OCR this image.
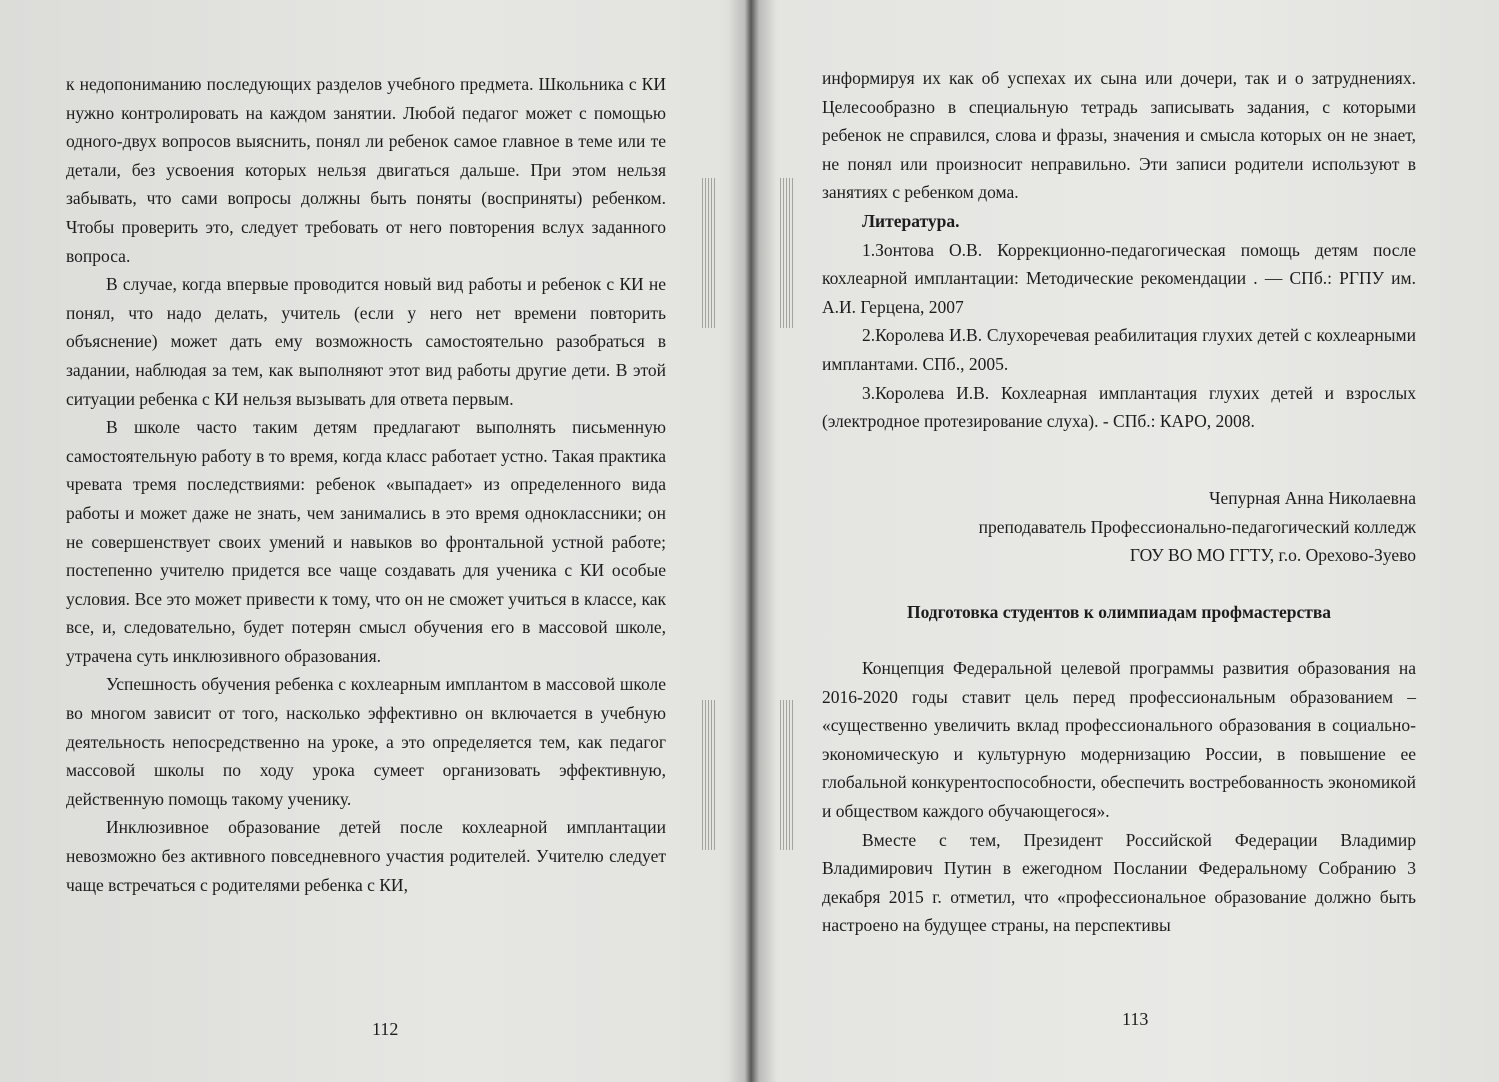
к недопониманию последующих разделов учебного предмета. Школьника с КИ нужно контролировать на каждом занятии. Любой педагог может с помощью одного-двух вопросов выяснить, понял ли ребенок самое главное в теме или те детали, без усвоения которых нельзя двигаться дальше. При этом нельзя забывать, что сами вопросы должны быть поняты (восприняты) ребенком. Чтобы проверить это, следует требовать от него повторения вслух заданного вопроса.

В случае, когда впервые проводится новый вид работы и ребенок с КИ не понял, что надо делать, учитель (если у него нет времени повторить объяснение) может дать ему возможность самостоятельно разобраться в задании, наблюдая за тем, как выполняют этот вид работы другие дети. В этой ситуации ребенка с КИ нельзя вызывать для ответа первым.

В школе часто таким детям предлагают выполнять письменную самостоятельную работу в то время, когда класс работает устно. Такая практика чревата тремя последствиями: ребенок «выпадает» из определенного вида работы и может даже не знать, чем занимались в это время одноклассники; он не совершенствует своих умений и навыков во фронтальной устной работе; постепенно учителю придется все чаще создавать для ученика с КИ особые условия. Все это может привести к тому, что он не сможет учиться в классе, как все, и, следовательно, будет потерян смысл обучения его в массовой школе, утрачена суть инклюзивного образования.

Успешность обучения ребенка с кохлеарным имплантом в массовой школе во многом зависит от того, насколько эффективно он включается в учебную деятельность непосредственно на уроке, а это определяется тем, как педагог массовой школы по ходу урока сумеет организовать эффективную, действенную помощь такому ученику.

Инклюзивное образование детей после кохлеарной имплантации невозможно без активного повседневного участия родителей. Учителю следует чаще встречаться с родителями ребенка с КИ,

112

информируя их как об успехах их сына или дочери, так и о затруднениях. Целесообразно в специальную тетрадь записывать задания, с которыми ребенок не справился, слова и фразы, значения и смысла которых он не знает, не понял или произносит неправильно. Эти записи родители используют в занятиях с ребенком дома.

Литература.

1.Зонтова О.В. Коррекционно-педагогическая помощь детям после кохлеарной имплантации: Методические рекомендации . — СПб.: РГПУ им. А.И. Герцена, 2007

2.Королева И.В. Слухоречевая реабилитация глухих детей с кохлеарными имплантами. СПб., 2005.

3.Королева И.В. Кохлеарная имплантация глухих детей и взрослых (электродное протезирование слуха). - СПб.: КАРО, 2008.

Чепурная Анна Николаевна
преподаватель Профессионально-педагогический колледж
ГОУ ВО МО ГГТУ, г.о. Орехово-Зуево
Подготовка студентов к олимпиадам профмастерства

Концепция Федеральной целевой программы развития образования на 2016-2020 годы ставит цель перед профессиональным образованием – «существенно увеличить вклад профессионального образования в социально- экономическую и культурную модернизацию России, в повышение ее глобальной конкурентоспособности, обеспечить востребованность экономикой и обществом каждого обучающегося».

Вместе с тем, Президент Российской Федерации Владимир Владимирович Путин в ежегодном Послании Федеральному Собранию 3 декабря 2015 г. отметил, что «профессиональное образование должно быть настроено на будущее страны, на перспективы

113
